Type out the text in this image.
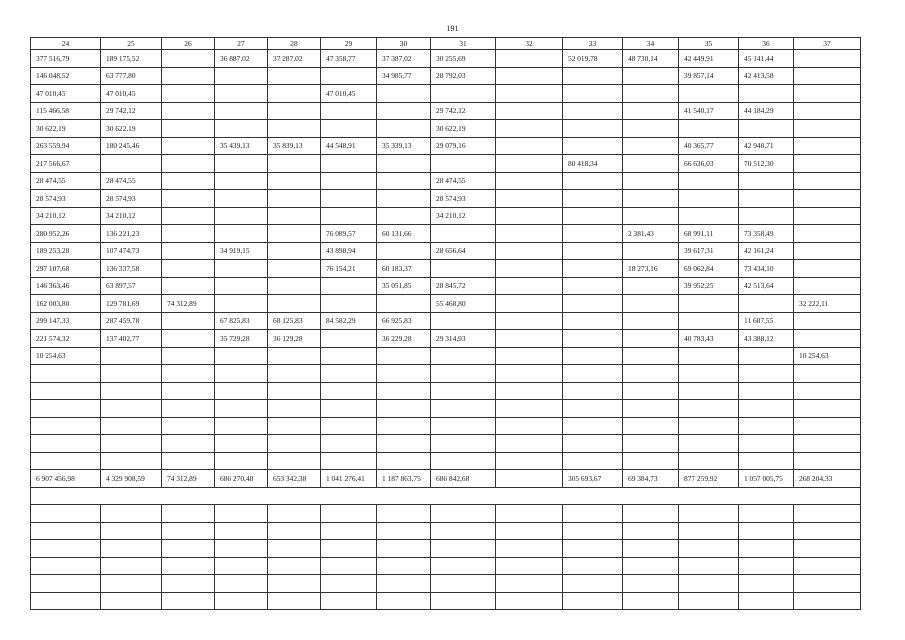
191
24	25	26	27	28	29	30	31	32	33	34	35	36	37
377 516,79	189 175,52		36 887,02	37 287,02	47 358,77	37 387,02	30 255,69		52 019,78	48 730,14	42 449,91	45 141,44	
146 048,52	63 777,80					34 985,77	28 792,03				39 857,14	42 413,58	
47 010,45	47 010,45				47 010,45								
115 466,58	29 742,12						29 742,12				41 540,17	44 184,29	
30 622,19	30 622,19						30 622,19						
263 559,94	180 245,46		35 439,13	35 839,13	44 548,91	35 339,13	29 079,16				40 365,77	42 948,71	
217 566,67									80 418,34		66 636,03	70 512,30	
28 474,55	28 474,55						28 474,55						
28 574,93	28 574,93						28 574,93						
34 210,12	34 210,12						34 210,12						
280 952,26	136 221,23				76 089,57	60 131,66				2 381,43	68 991,11	73 358,49	
189 253,28	107 474,73		34 919,15		43 898,94		28 656,64				39 617,31	42 161,24	
297 107,68	136 337,58				76 154,21	60 183,37				18 273,16	69 062,84	73 434,10	
146 363,46	63 897,57					35 051,85	28 845,72				39 952,25	42 513,64	
162 003,80	129 781,69	74 312,89					55 468,80						32 222,11
299 147,33	287 459,78		67 825,83	68 125,83	84 582,29	66 925,83						11 687,55	
221 574,32	137 402,77		35 729,28	36 129,28		36 229,28	29 314,93				40 783,43	43 388,12	
10 254,63													10 254,63

6 907 456,98	4 329 908,59	74 312,89	686 270,48	653 342,38	1 041 276,41	1 187 863,75	686 842,68		305 693,67	69 384,73	877 259,92	1 057 005,75	268 204,33
